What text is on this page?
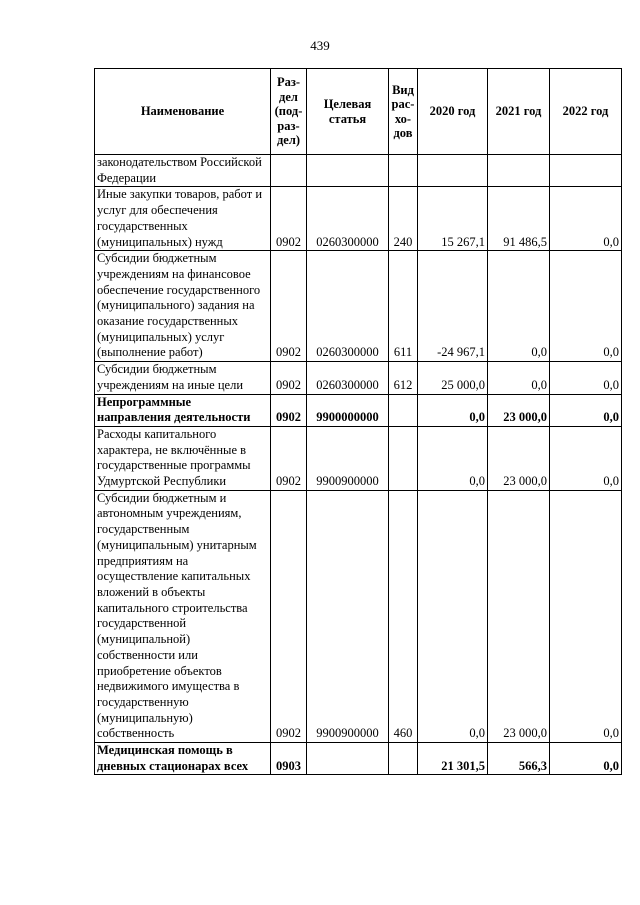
439
Наименование	Раз-дел (под-раз-дел)	Целевая статья	Вид рас-хо-дов	2020 год	2021 год	2022 год
законодательством Российской Федерации						
Иные закупки товаров, работ и услуг для обеспечения государственных (муниципальных) нужд	0902	0260300000	240	15 267,1	91 486,5	0,0
Субсидии бюджетным учреждениям на финансовое обеспечение государственного (муниципального) задания на оказание государственных (муниципальных) услуг (выполнение работ)	0902	0260300000	611	-24 967,1	0,0	0,0
Субсидии бюджетным учреждениям на иные цели	0902	0260300000	612	25 000,0	0,0	0,0
Непрограммные направления деятельности	0902	9900000000		0,0	23 000,0	0,0
Расходы капитального характера, не включённые в государственные программы Удмуртской Республики	0902	9900900000		0,0	23 000,0	0,0
Субсидии бюджетным и автономным учреждениям, государственным (муниципальным) унитарным предприятиям на осуществление капитальных вложений в объекты капитального строительства государственной (муниципальной) собственности или приобретение объектов недвижимого имущества в государственную (муниципальную) собственность	0902	9900900000	460	0,0	23 000,0	0,0
Медицинская помощь в дневных стационарах всех	0903			21 301,5	566,3	0,0
